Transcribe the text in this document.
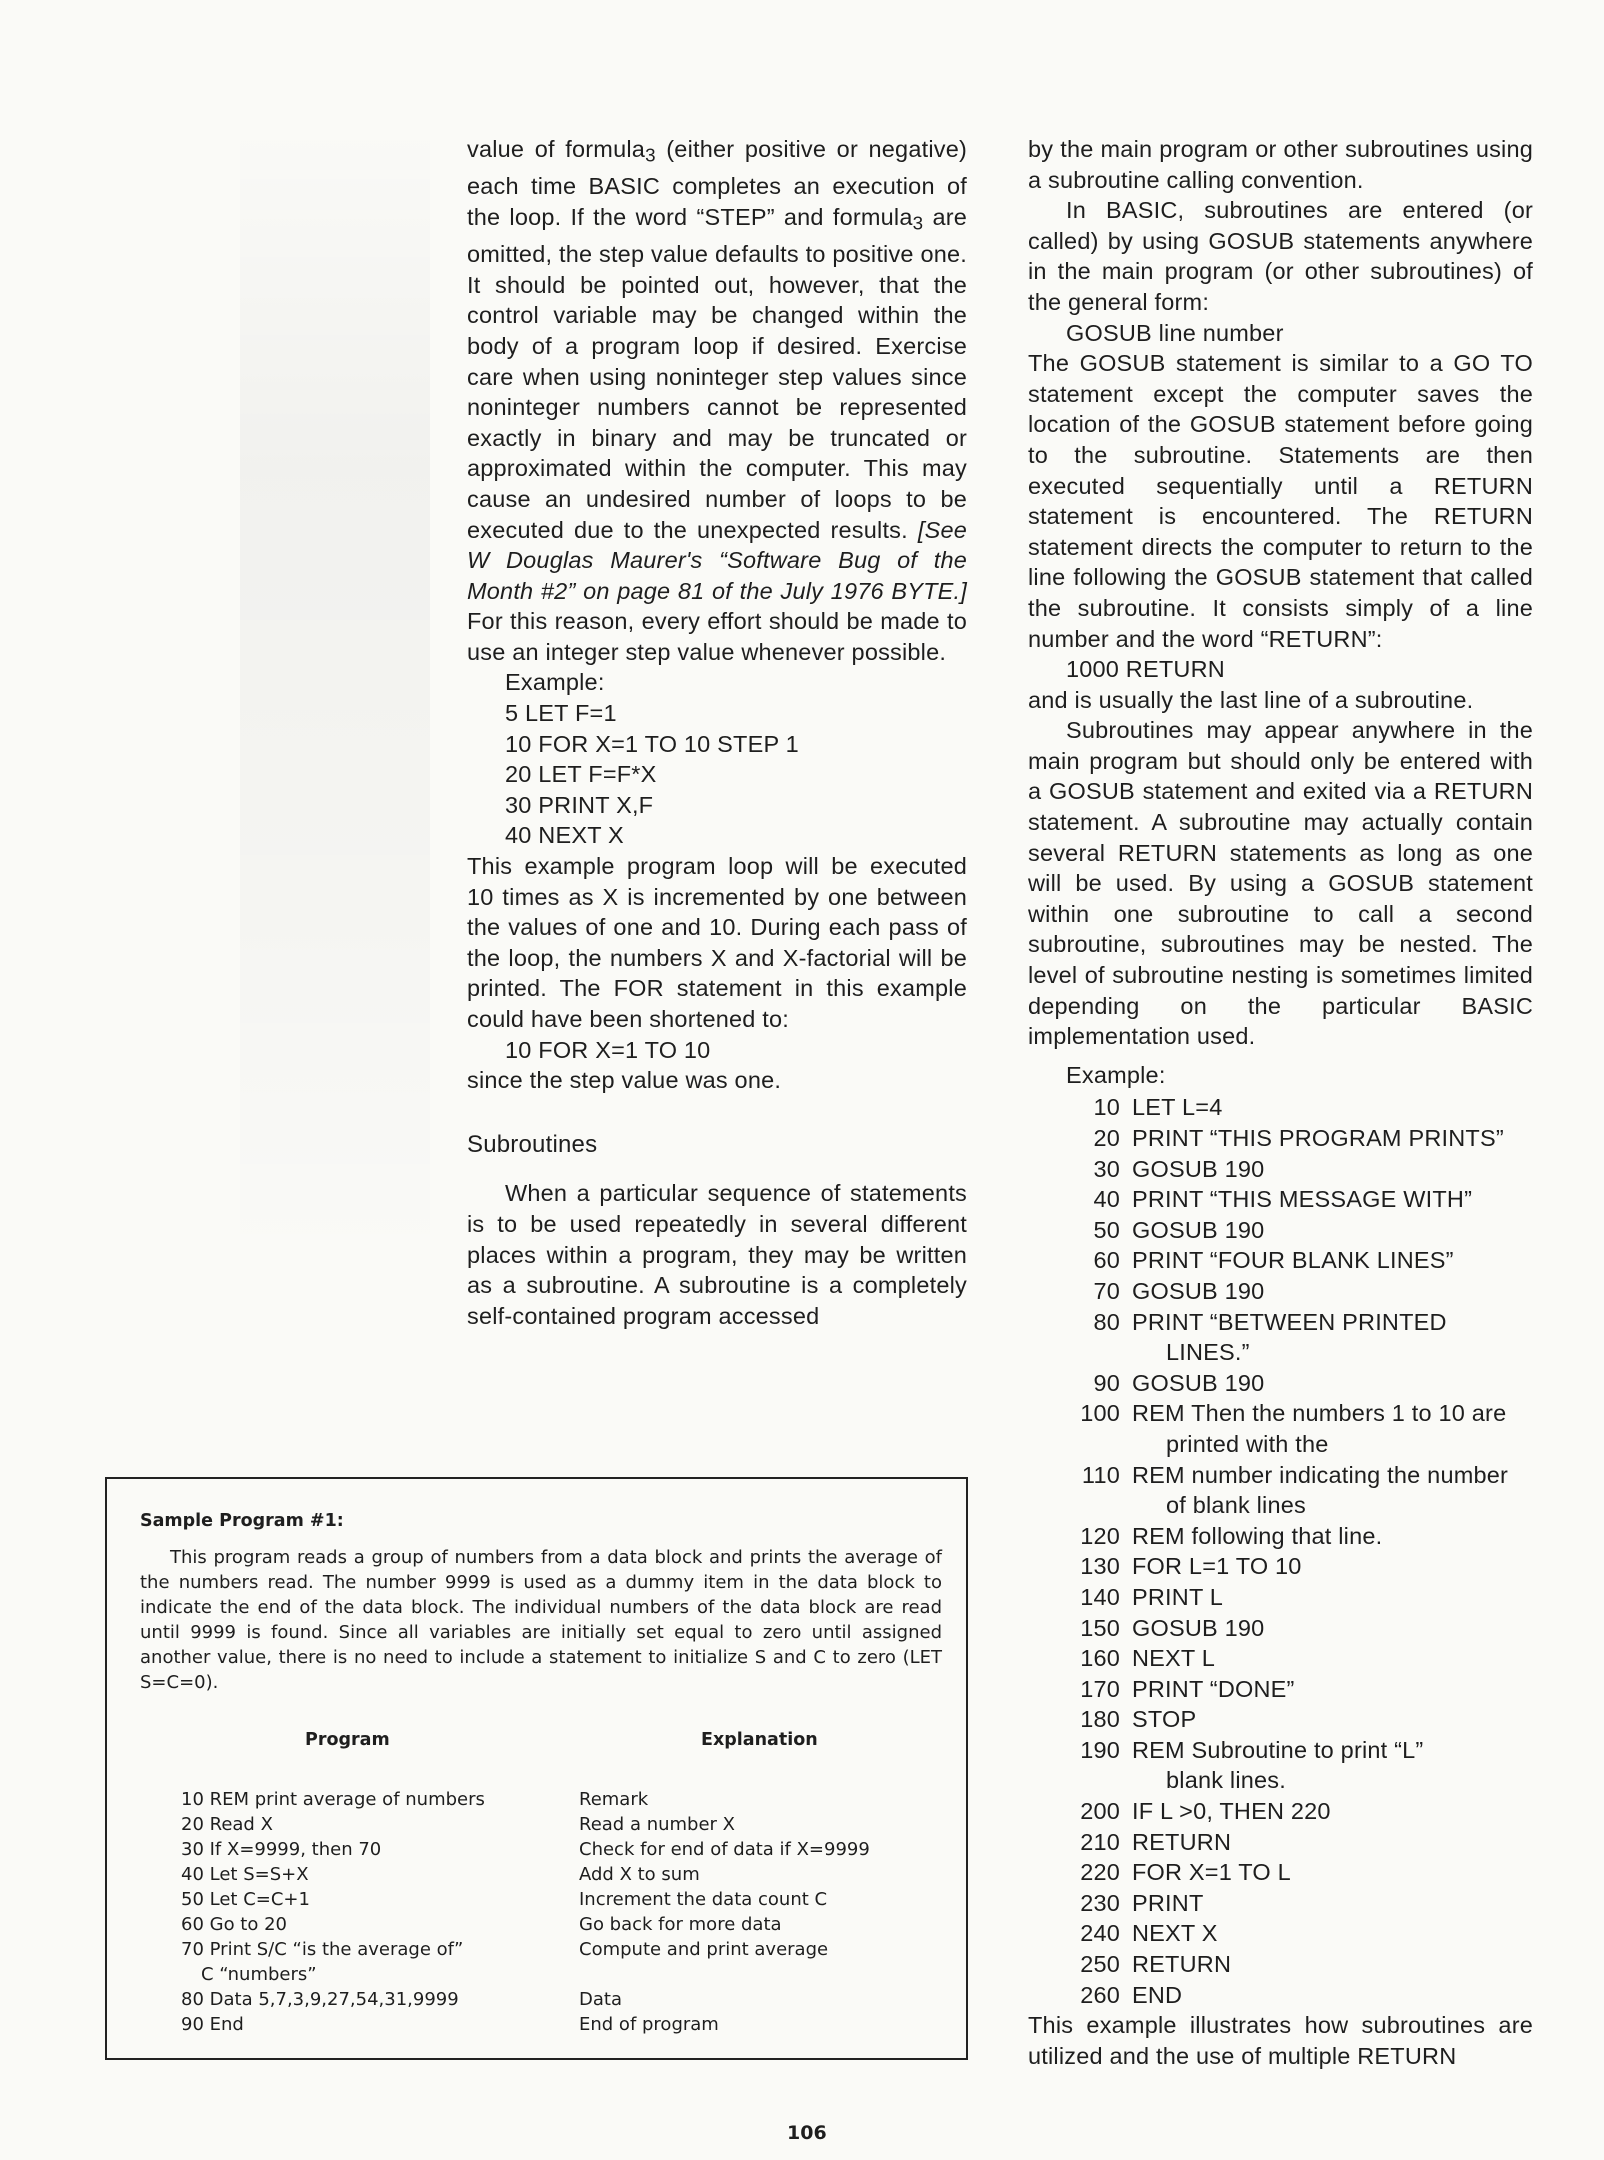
value of formula$_3$ (either positive or negative) each time BASIC completes an execution of the loop. If the word “STEP” and formula$_3$ are omitted, the step value defaults to positive one. It should be pointed out, however, that the control variable may be changed within the body of a program loop if desired. Exercise care when using noninteger step values since noninteger numbers cannot be represented exactly in binary and may be truncated or approximated within the computer. This may cause an undesired number of loops to be executed due to the unexpected results. [See W Douglas Maurer's “Software Bug of the Month #2” on page 81 of the July 1976 BYTE.] For this reason, every effort should be made to use an integer step value whenever possible.

Example:
5 LET F=1
10 FOR X=1 TO 10 STEP 1
20 LET F=F*X
30 PRINT X,F
40 NEXT X

This example program loop will be executed 10 times as X is incremented by one between the values of one and 10. During each pass of the loop, the numbers X and X-factorial will be printed. The FOR statement in this example could have been shortened to:

10 FOR X=1 TO 10

since the step value was one.

Subroutines

When a particular sequence of statements is to be used repeatedly in several different places within a program, they may be written as a subroutine. A subroutine is a completely self-contained program accessed

by the main program or other subroutines using a subroutine calling convention.

In BASIC, subroutines are entered (or called) by using GOSUB statements anywhere in the main program (or other subroutines) of the general form:

GOSUB line number

The GOSUB statement is similar to a GO TO statement except the computer saves the location of the GOSUB statement before going to the subroutine. Statements are then executed sequentially until a RETURN statement is encountered. The RETURN statement directs the computer to return to the line following the GOSUB statement that called the subroutine. It consists simply of a line number and the word “RETURN”:

1000 RETURN

and is usually the last line of a subroutine.

Subroutines may appear anywhere in the main program but should only be entered with a GOSUB statement and exited via a RETURN statement. A subroutine may actually contain several RETURN statements as long as one will be used. By using a GOSUB statement within one subroutine to call a second subroutine, subroutines may be nested. The level of subroutine nesting is sometimes limited depending on the particular BASIC implementation used.

Example:
10 LET L=4
20 PRINT “THIS PROGRAM PRINTS”
30 GOSUB 190
40 PRINT “THIS MESSAGE WITH”
50 GOSUB 190
60 PRINT “FOUR BLANK LINES”
70 GOSUB 190
80 PRINT “BETWEEN PRINTED
LINES.”
90 GOSUB 190
100 REM Then the numbers 1 to 10 are
printed with the
110 REM number indicating the number
of blank lines
120 REM following that line.
130 FOR L=1 TO 10
140 PRINT L
150 GOSUB 190
160 NEXT L
170 PRINT “DONE”
180 STOP
190 REM Subroutine to print “L”
blank lines.
200 IF L >0, THEN 220
210 RETURN
220 FOR X=1 TO L
230 PRINT
240 NEXT X
250 RETURN
260 END

This example illustrates how subroutines are utilized and the use of multiple RETURN

Sample Program #1:
This program reads a group of numbers from a data block and prints the average of the numbers read. The number 9999 is used as a dummy item in the data block to indicate the end of the data block. The individual numbers of the data block are read until 9999 is found. Since all variables are initially set equal to zero until assigned another value, there is no need to include a statement to initialize S and C to zero (LET S=C=0).
Program	Explanation
10 REM print average of numbers	Remark
20 Read X	Read a number X
30 If X=9999, then 70	Check for end of data if X=9999
40 Let S=S+X	Add X to sum
50 Let C=C+1	Increment the data count C
60 Go to 20	Go back for more data
70 Print S/C “is the average of”	Compute and print average
C “numbers”
80 Data 5,7,3,9,27,54,31,9999	Data
90 End	End of program
106
